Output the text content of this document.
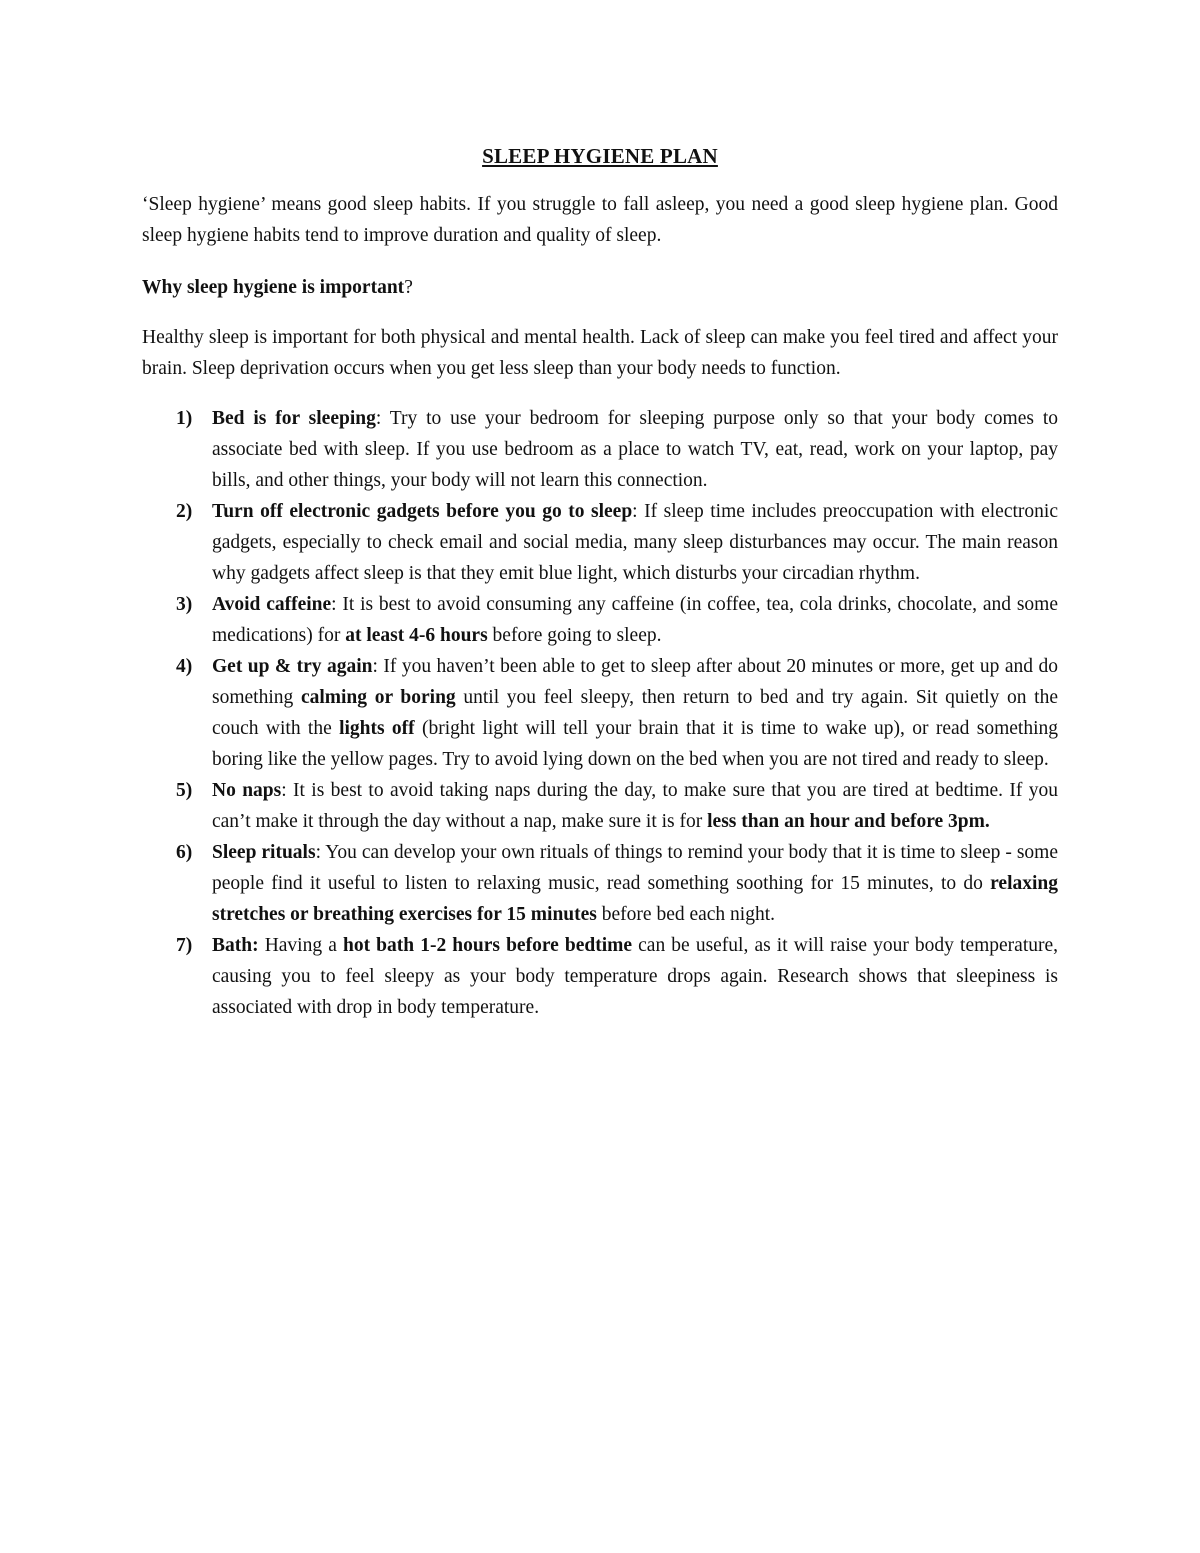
SLEEP HYGIENE PLAN

‘Sleep hygiene’ means good sleep habits. If you struggle to fall asleep, you need a good sleep hygiene plan. Good sleep hygiene habits tend to improve duration and quality of sleep.

Why sleep hygiene is important?

Healthy sleep is important for both physical and mental health. Lack of sleep can make you feel tired and affect your brain. Sleep deprivation occurs when you get less sleep than your body needs to function.

1) Bed is for sleeping: Try to use your bedroom for sleeping purpose only so that your body comes to associate bed with sleep. If you use bedroom as a place to watch TV, eat, read, work on your laptop, pay bills, and other things, your body will not learn this connection.
2) Turn off electronic gadgets before you go to sleep: If sleep time includes preoccupation with electronic gadgets, especially to check email and social media, many sleep disturbances may occur. The main reason why gadgets affect sleep is that they emit blue light, which disturbs your circadian rhythm.
3) Avoid caffeine: It is best to avoid consuming any caffeine (in coffee, tea, cola drinks, chocolate, and some medications) for at least 4-6 hours before going to sleep.
4) Get up & try again: If you haven’t been able to get to sleep after about 20 minutes or more, get up and do something calming or boring until you feel sleepy, then return to bed and try again. Sit quietly on the couch with the lights off (bright light will tell your brain that it is time to wake up), or read something boring like the yellow pages. Try to avoid lying down on the bed when you are not tired and ready to sleep.
5) No naps: It is best to avoid taking naps during the day, to make sure that you are tired at bedtime. If you can’t make it through the day without a nap, make sure it is for less than an hour and before 3pm.
6) Sleep rituals: You can develop your own rituals of things to remind your body that it is time to sleep - some people find it useful to listen to relaxing music, read something soothing for 15 minutes, to do relaxing stretches or breathing exercises for 15 minutes before bed each night.
7) Bath: Having a hot bath 1-2 hours before bedtime can be useful, as it will raise your body temperature, causing you to feel sleepy as your body temperature drops again. Research shows that sleepiness is associated with drop in body temperature.
